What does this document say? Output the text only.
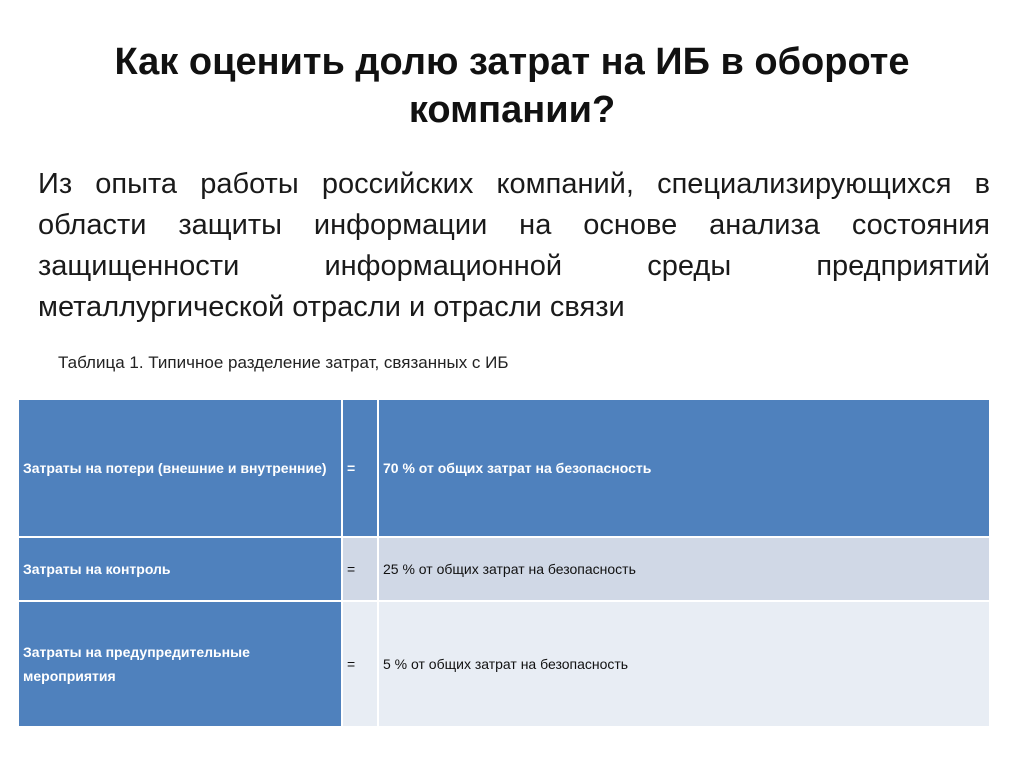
Как оценить долю затрат на ИБ в обороте компании?
Из опыта работы российских компаний, специализирующихся в
области защиты информации на основе анализа состояния
защищенности информационной среды предприятий
металлургической отрасли и отрасли связи
Таблица 1. Типичное разделение затрат, связанных с ИБ
Затраты на потери (внешние и внутренние)	=	70 % от общих затрат на безопасность
Затраты на контроль	=	25 % от общих затрат на безопасность
Затраты на предупредительные мероприятия	=	5 % от общих затрат на безопасность
